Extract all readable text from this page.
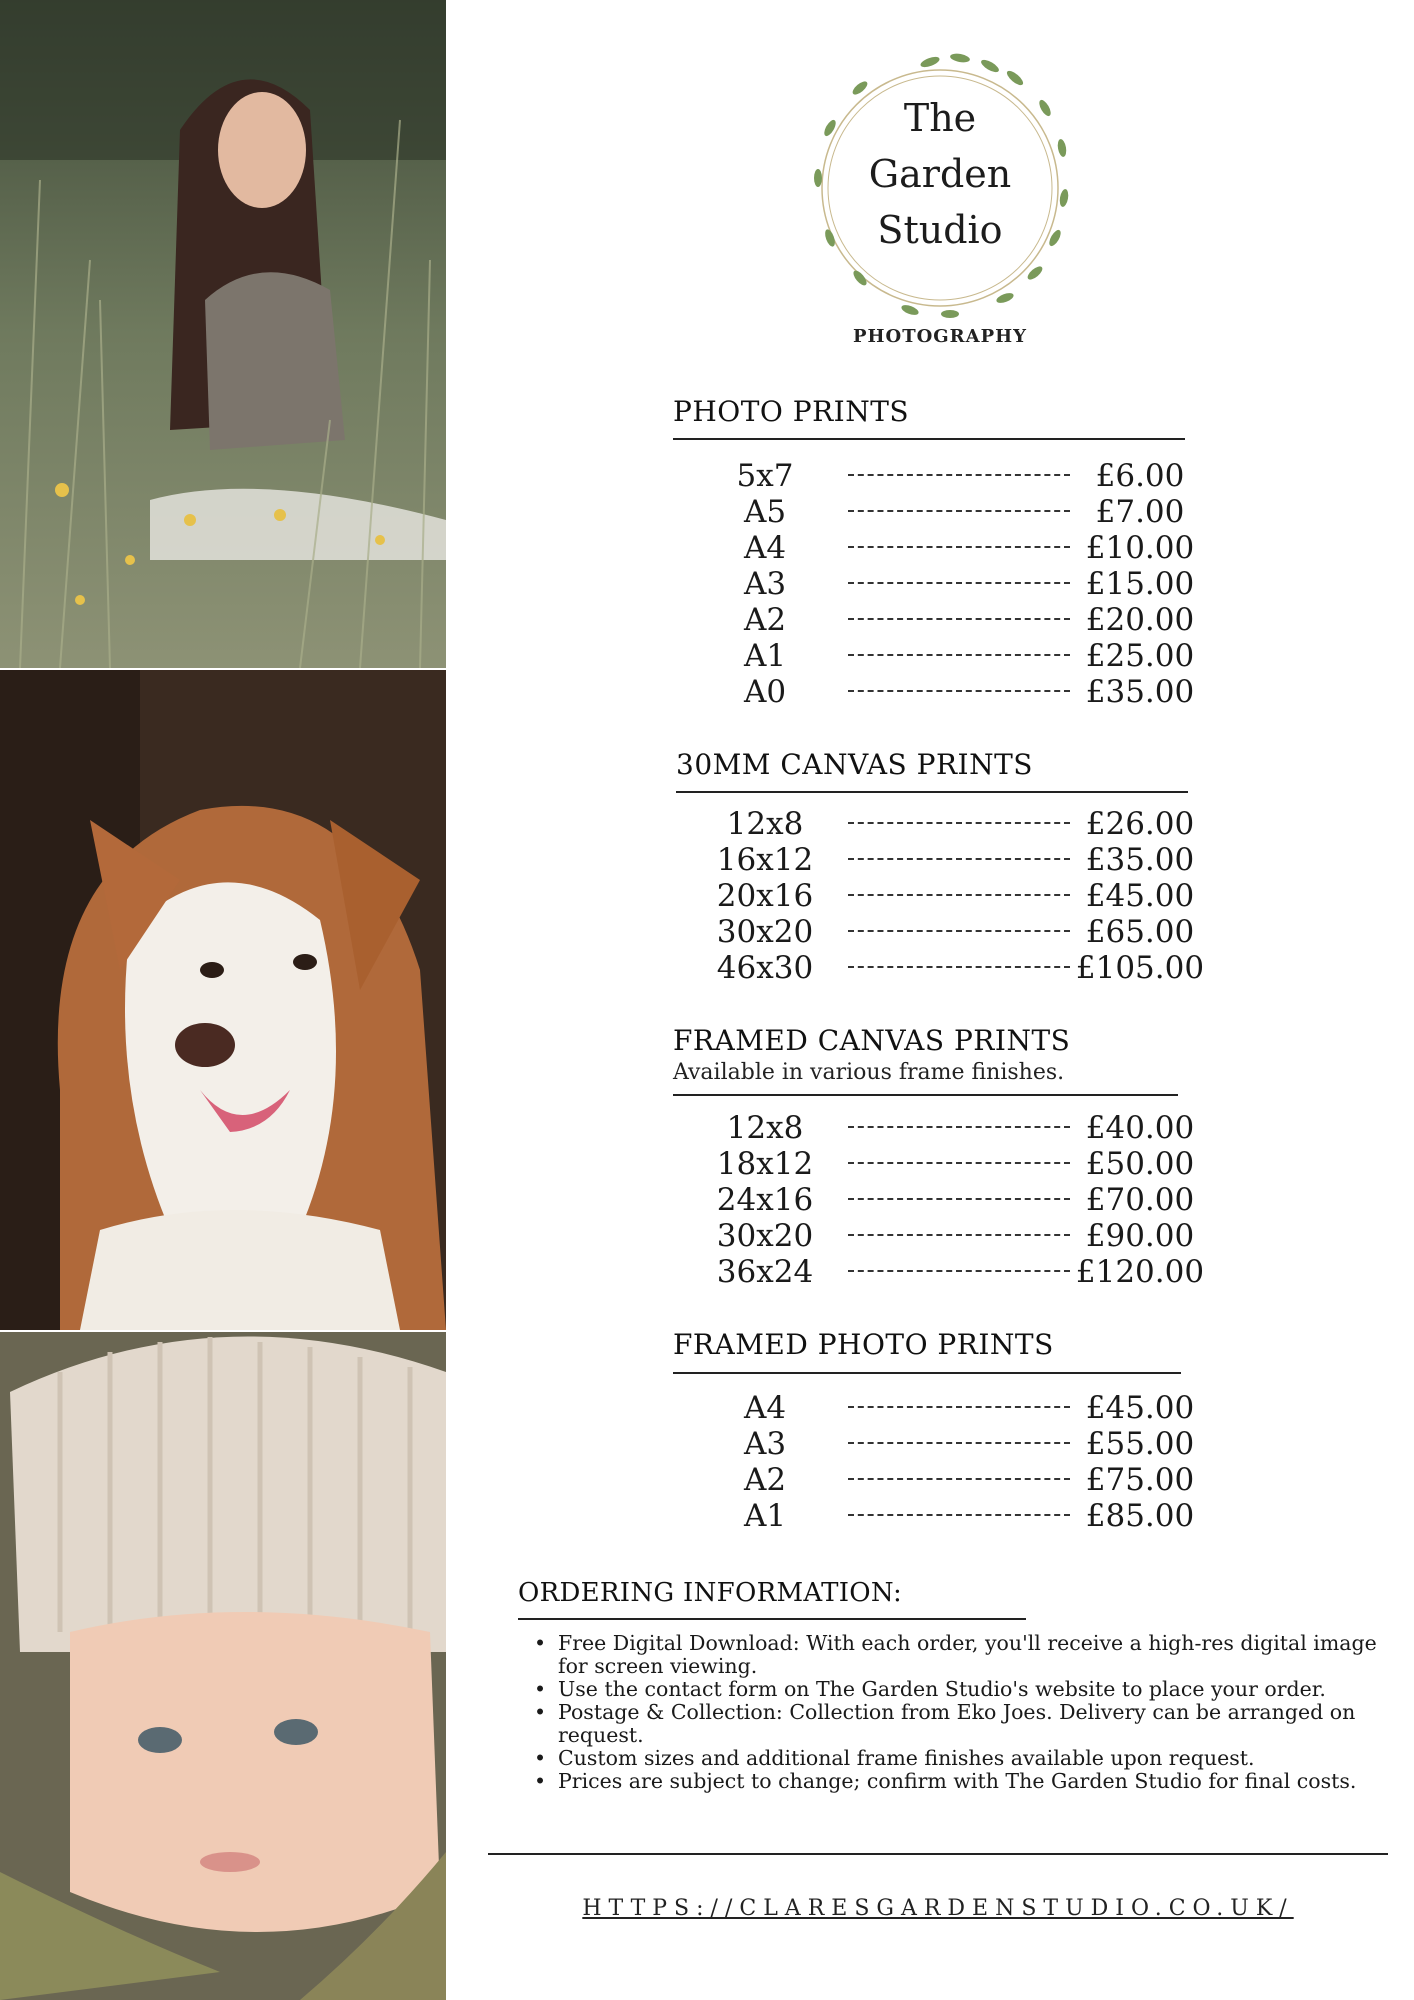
The
Garden
Studio
PHOTOGRAPHY
PHOTO PRINTS
5x7	£6.00
A5	£7.00
A4	£10.00
A3	£15.00
A2	£20.00
A1	£25.00
A0	£35.00
30MM CANVAS PRINTS
12x8	£26.00
16x12	£35.00
20x16	£45.00
30x20	£65.00
46x30	£105.00
FRAMED CANVAS PRINTS
Available in various frame finishes.
12x8	£40.00
18x12	£50.00
24x16	£70.00
30x20	£90.00
36x24	£120.00
FRAMED PHOTO PRINTS
A4	£45.00
A3	£55.00
A2	£75.00
A1	£85.00
ORDERING INFORMATION:
• Free Digital Download: With each order, you'll receive a high-res digital image for screen viewing.
• Use the contact form on The Garden Studio's website to place your order.
• Postage & Collection: Collection from Eko Joes. Delivery can be arranged on request.
• Custom sizes and additional frame finishes available upon request.
• Prices are subject to change; confirm with The Garden Studio for final costs.
HTTPS://CLARESGARDENSTUDIO.CO.UK/
